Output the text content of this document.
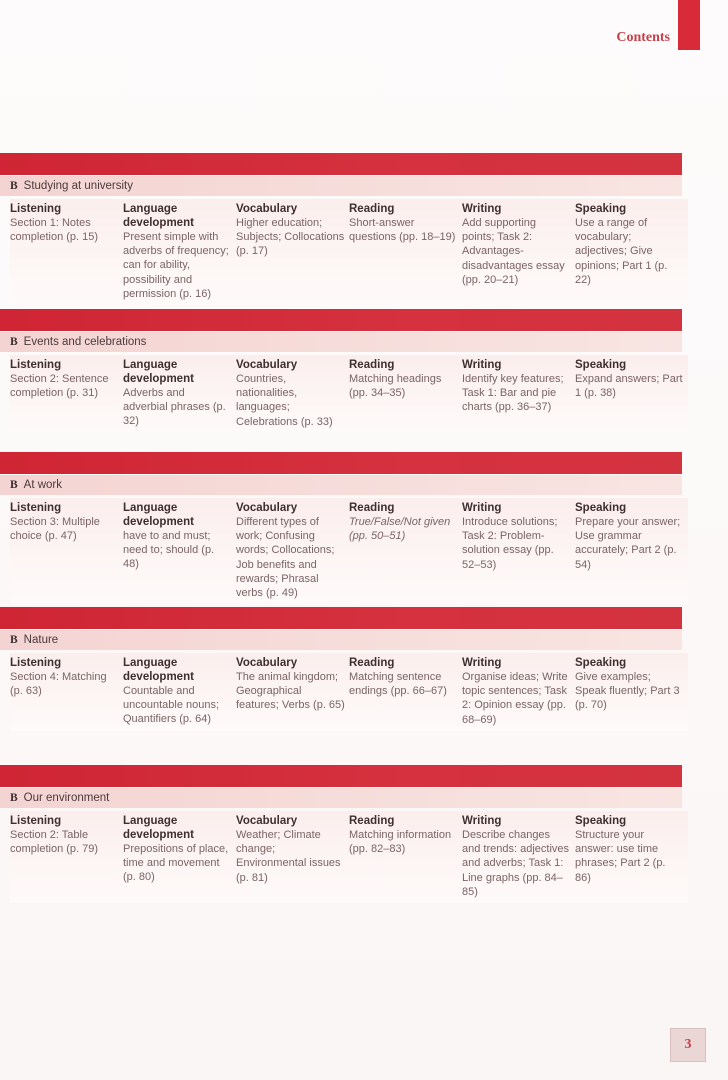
Contents
B Studying at university
Listening
Section 1: Notes completion (p. 15)
Language development
Present simple with adverbs of frequency; can for ability, possibility and permission (p. 16)
Vocabulary
Higher education; Subjects; Collocations (p. 17)
Reading
Short-answer questions (pp. 18–19)
Writing
Add supporting points; Task 2: Advantages-disadvantages essay (pp. 20–21)
Speaking
Use a range of vocabulary; adjectives; Give opinions; Part 1 (p. 22)
B Events and celebrations
Listening
Section 2: Sentence completion (p. 31)
Language development
Adverbs and adverbial phrases (p. 32)
Vocabulary
Countries, nationalities, languages; Celebrations (p. 33)
Reading
Matching headings (pp. 34–35)
Writing
Identify key features; Task 1: Bar and pie charts (pp. 36–37)
Speaking
Expand answers; Part 1 (p. 38)
B At work
Listening
Section 3: Multiple choice (p. 47)
Language development
have to and must; need to; should (p. 48)
Vocabulary
Different types of work; Confusing words; Collocations; Job benefits and rewards; Phrasal verbs (p. 49)
Reading
True/False/Not given (pp. 50–51)
Writing
Introduce solutions; Task 2: Problem-solution essay (pp. 52–53)
Speaking
Prepare your answer; Use grammar accurately; Part 2 (p. 54)
B Nature
Listening
Section 4: Matching (p. 63)
Language development
Countable and uncountable nouns; Quantifiers (p. 64)
Vocabulary
The animal kingdom; Geographical features; Verbs (p. 65)
Reading
Matching sentence endings (pp. 66–67)
Writing
Organise ideas; Write topic sentences; Task 2: Opinion essay (pp. 68–69)
Speaking
Give examples; Speak fluently; Part 3 (p. 70)
B Our environment
Listening
Section 2: Table completion (p. 79)
Language development
Prepositions of place, time and movement (p. 80)
Vocabulary
Weather; Climate change; Environmental issues (p. 81)
Reading
Matching information (pp. 82–83)
Writing
Describe changes and trends: adjectives and adverbs; Task 1: Line graphs (pp. 84–85)
Speaking
Structure your answer: use time phrases; Part 2 (p. 86)
3
